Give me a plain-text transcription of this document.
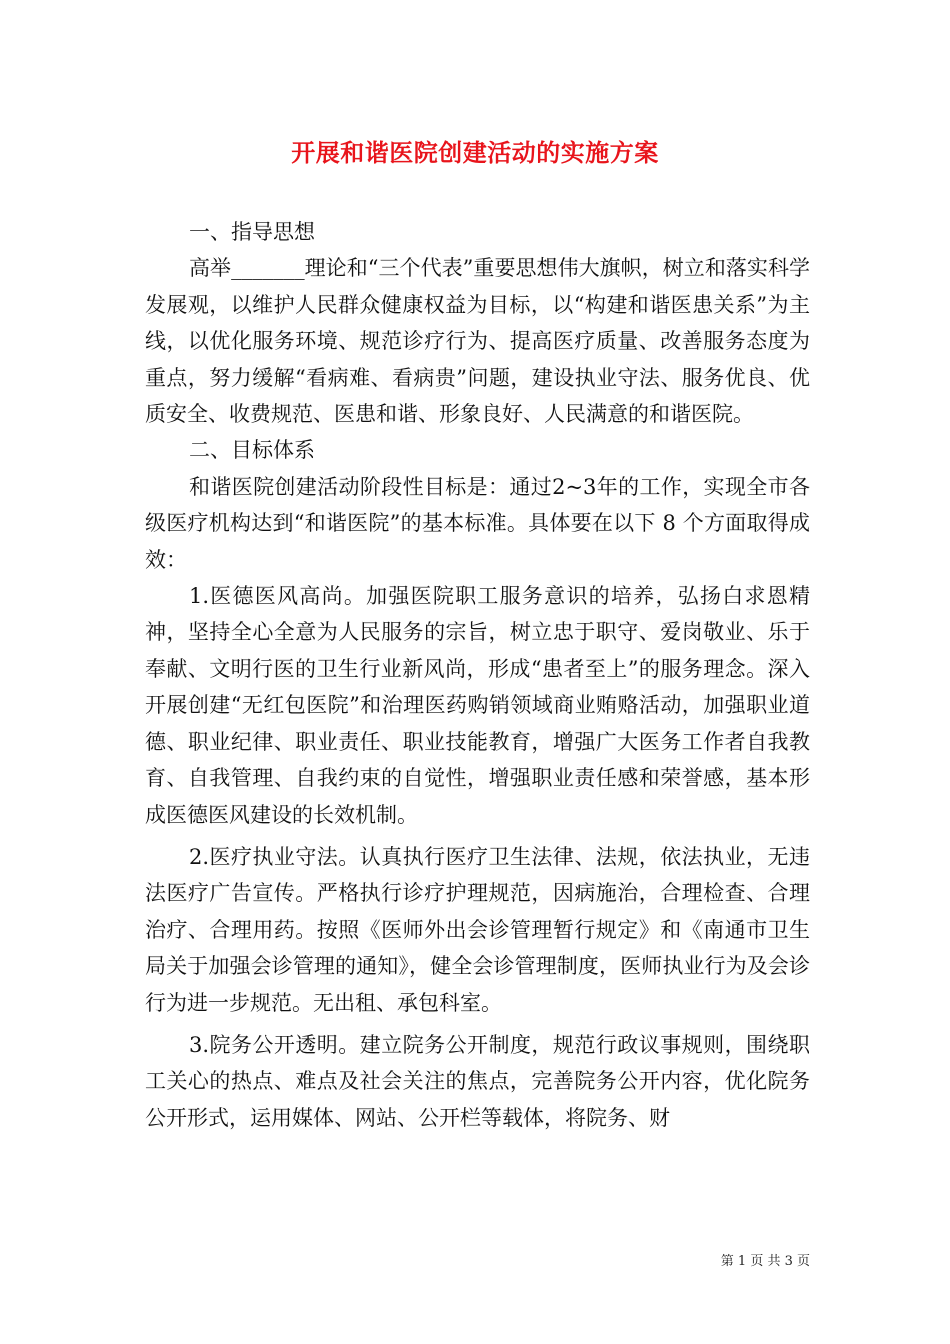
开展和谐医院创建活动的实施方案

一、指导思想

高举_______理论和“三个代表”重要思想伟大旗帜，树立和落实科学发展观，以维护人民群众健康权益为目标，以“构建和谐医患关系”为主线，以优化服务环境、规范诊疗行为、提高医疗质量、改善服务态度为重点，努力缓解“看病难、看病贵”问题，建设执业守法、服务优良、优质安全、收费规范、医患和谐、形象良好、人民满意的和谐医院。

二、目标体系

和谐医院创建活动阶段性目标是：通过2~3年的工作，实现全市各级医疗机构达到“和谐医院”的基本标准。具体要在以下 8 个方面取得成效：

1.医德医风高尚。加强医院职工服务意识的培养，弘扬白求恩精神，坚持全心全意为人民服务的宗旨，树立忠于职守、爱岗敬业、乐于奉献、文明行医的卫生行业新风尚，形成“患者至上”的服务理念。深入开展创建“无红包医院”和治理医药购销领域商业贿赂活动，加强职业道德、职业纪律、职业责任、职业技能教育，增强广大医务工作者自我教育、自我管理、自我约束的自觉性，增强职业责任感和荣誉感，基本形成医德医风建设的长效机制。

2.医疗执业守法。认真执行医疗卫生法律、法规，依法执业，无违法医疗广告宣传。严格执行诊疗护理规范，因病施治，合理检查、合理治疗、合理用药。按照《医师外出会诊管理暂行规定》和《南通市卫生局关于加强会诊管理的通知》，健全会诊管理制度，医师执业行为及会诊行为进一步规范。无出租、承包科室。

3.院务公开透明。建立院务公开制度，规范行政议事规则，围绕职工关心的热点、难点及社会关注的焦点，完善院务公开内容，优化院务公开形式，运用媒体、网站、公开栏等载体，将院务、财

第 1 页 共 3 页
